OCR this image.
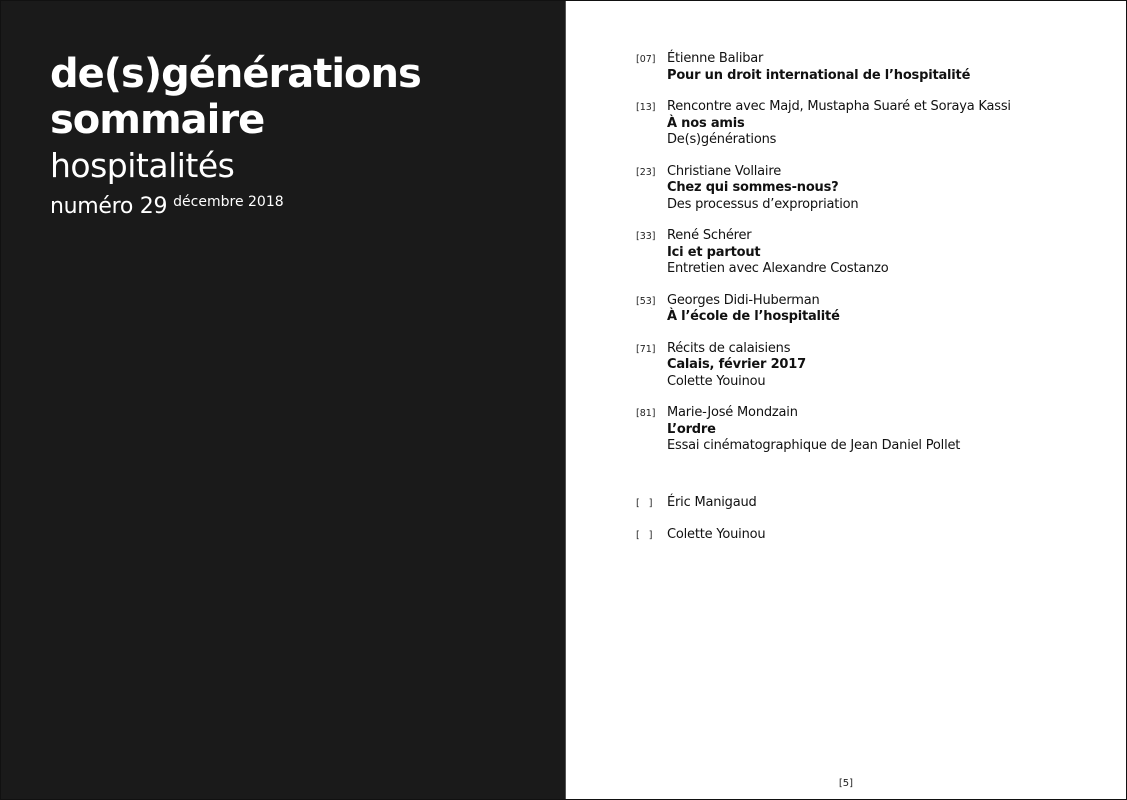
de(s)générations
sommaire
hospitalités
numéro 29 décembre 2018
[07] Étienne Balibar
Pour un droit international de l’hospitalité
[13] Rencontre avec Majd, Mustapha Suaré et Soraya Kassi
À nos amis
De(s)générations
[23] Christiane Vollaire
Chez qui sommes-nous?
Des processus d’expropriation
[33] René Schérer
Ici et partout
Entretien avec Alexandre Costanzo
[53] Georges Didi-Huberman
À l’école de l’hospitalité
[71] Récits de calaisiens
Calais, février 2017
Colette Youinou
[81] Marie-José Mondzain
L’ordre
Essai cinématographique de Jean Daniel Pollet
[   ]	Éric Manigaud
[   ]	Colette Youinou
[5]
